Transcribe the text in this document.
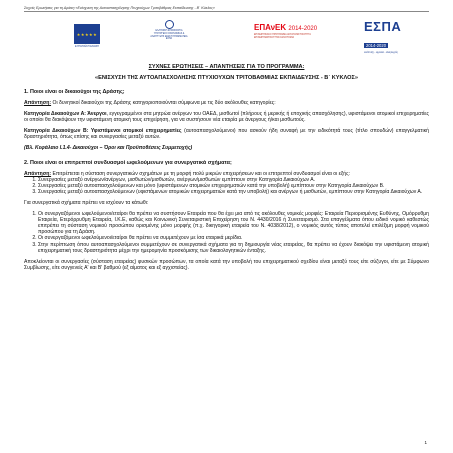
Συχνές Ερωτήσεις για τη Δράση «Ενίσχυση της Αυτοαπασχόλησης Πτυχιούχων Τριτοβάθμιας Εκπαίδευσης - Β΄ Κύκλος»
★★★★★
ΕΥΡΩΠΑΪΚΗ ΕΝΩΣΗ
ΕΛΛΗΝΙΚΗ ΔΗΜΟΚΡΑΤΙΑ ΥΠΟΥΡΓΕΙΟ ΟΙΚΟΝΟΜΙΑΣ & ΑΝΑΠΤΥΞΗΣ ΕΙΔΙΚΗ ΓΡΑΜΜΑΤΕΙΑ ΕΣΠΑ
ΕΠΑνΕΚ 2014-2020
ΕΠΙΧΕΙΡΗΣΙΑΚΟ ΠΡΟΓΡΑΜΜΑ ΑΝΤΑΓΩΝΙΣΤΙΚΟΤΗΤΑ ΕΠΙΧΕΙΡΗΜΑΤΙΚΟΤΗΤΑ ΚΑΙΝΟΤΟΜΙΑ
ΕΣΠΑ
2014-2020
ανάπτυξη - εργασία - αλληλεγγύη
ΣΥΧΝΕΣ ΕΡΩΤΗΣΕΙΣ – ΑΠΑΝΤΗΣΕΙΣ ΓΙΑ ΤΟ ΠΡΟΓΡΑΜΜΑ:
«ΕΝΙΣΧΥΣΗ ΤΗΣ ΑΥΤΟΑΠΑΣΧΟΛΗΣΗΣ ΠΤΥΧΙΟΥΧΩΝ ΤΡΙΤΟΒΑΘΜΙΑΣ ΕΚΠΑΙΔΕΥΣΗΣ - Β΄ ΚΥΚΛΟΣ»
1. Ποιοι είναι οι δικαιούχοι της Δράσης;

Απάντηση: Οι δυνητικοί δικαιούχοι της Δράσης κατηγοριοποιούνται σύμφωνα με τις δύο ακόλουθες κατηγορίες:

Κατηγορία Δικαιούχων Α: Άνεργοι, εγγεγραμμένοι στα μητρώα ανέργων του ΟΑΕΔ, μισθωτοί (πλήρους ή μερικής ή εποχικής απασχόλησης), υφιστάμενοι ατομικοί επιχειρηματίες οι οποίοι θα διακόψουν την υφιστάμενη ατομική τους επιχείρηση, για να συστήσουν νέα εταιρία με άνεργους ή/και μισθωτούς.

Κατηγορία Δικαιούχων Β: Υφιστάμενοι ατομικοί επιχειρηματίες (αυτοαπασχολούμενοι) που ασκούν ήδη συναφή με την ειδικότητά τους (τίτλο σπουδών) επαγγελματική δραστηριότητα, όπως επίσης και συνεργασίες μεταξύ αυτών.

(Βλ. Κεφάλαιο Ι.1.4- Δικαιούχοι – Όροι και Προϋποθέσεις Συμμετοχής)

2. Ποιοι είναι οι επιτρεπτοί συνδυασμοί ωφελούμενων για συνεργατικά σχήματα;

Απάντηση: Επιτρέπεται η σύσταση συνεργατικών σχημάτων με τη μορφή πολύ μικρών επιχειρήσεων και οι επιτρεπτοί συνδυασμοί είναι οι εξής:

1. Συνεργασίες μεταξύ ανέργων/ανέργων, μισθωτών/μισθωτών, ανέργων/μισθωτών εμπίπτουν στην Κατηγορία Δικαιούχων Α.
2. Συνεργασίες μεταξύ αυτοαπασχολούμενων και μόνο (υφιστάμενων ατομικών επιχειρηματιών κατά την υποβολή) εμπίπτουν στην Κατηγορία Δικαιούχων Β.
3. Συνεργασίες μεταξύ αυτοαπασχολούμενων (υφιστάμενων ατομικών επιχειρηματιών κατά την υποβολή) και ανέργων ή μισθωτών, εμπίπτουν στην Κατηγορία Δικαιούχων Α.

Για συνεργατικά σχήματα πρέπει να ισχύουν τα κάτωθι:

1. Οι συνεργαζόμενοι ωφελούμενοι/εταίροι θα πρέπει να συστήσουν Εταιρεία που θα έχει μια από τις ακόλουθες νομικές μορφές: Εταιρεία Περιορισμένης Ευθύνης, Ομόρρυθμη Εταιρεία, Ετερόρρυθμη Εταιρεία, Ι.Κ.Ε, καθώς και Κοινωνική Συνεταιριστική Επιχείρηση του Ν. 4430/2016 ή Συνεταιρισμό. Στα επαγγέλματα όπου ειδικό νομικό καθεστώς επιτρέπει τη σύσταση νομικού προσώπου ορισμένης μόνο μορφής (π.χ. δικηγορική εταιρεία του Ν. 4038/2012), ο νομικός αυτός τύπος αποτελεί επιλέξιμη μορφή νομικού προσώπου για τη Δράση.
2. Οι συνεργαζόμενοι ωφελούμενοι/εταίροι θα πρέπει να συμμετέχουν με ίσα εταιρικά μερίδια.
3. Στην περίπτωση όπου αυτοαπασχολούμενοι συμμετέχουν σε συνεργατικά σχήματα για τη δημιουργία νέας εταιρείας, θα πρέπει να έχουν διακόψει την υφιστάμενη ατομική επιχειρηματική τους δραστηριότητα μέχρι την ημερομηνία προσκόμισης των δικαιολογητικών ένταξης.

Αποκλείονται οι συνεργασίες (σύσταση εταιρείας) φυσικών προσώπων, τα οποία κατά την υποβολή του επιχειρηματικού σχεδίου είναι μεταξύ τους είτε σύζυγοι, είτε με Σύμφωνο Συμβίωσης, είτε συγγενείς Α' και Β' βαθμού (εξ αίματος και εξ αγχιστείας).

1
